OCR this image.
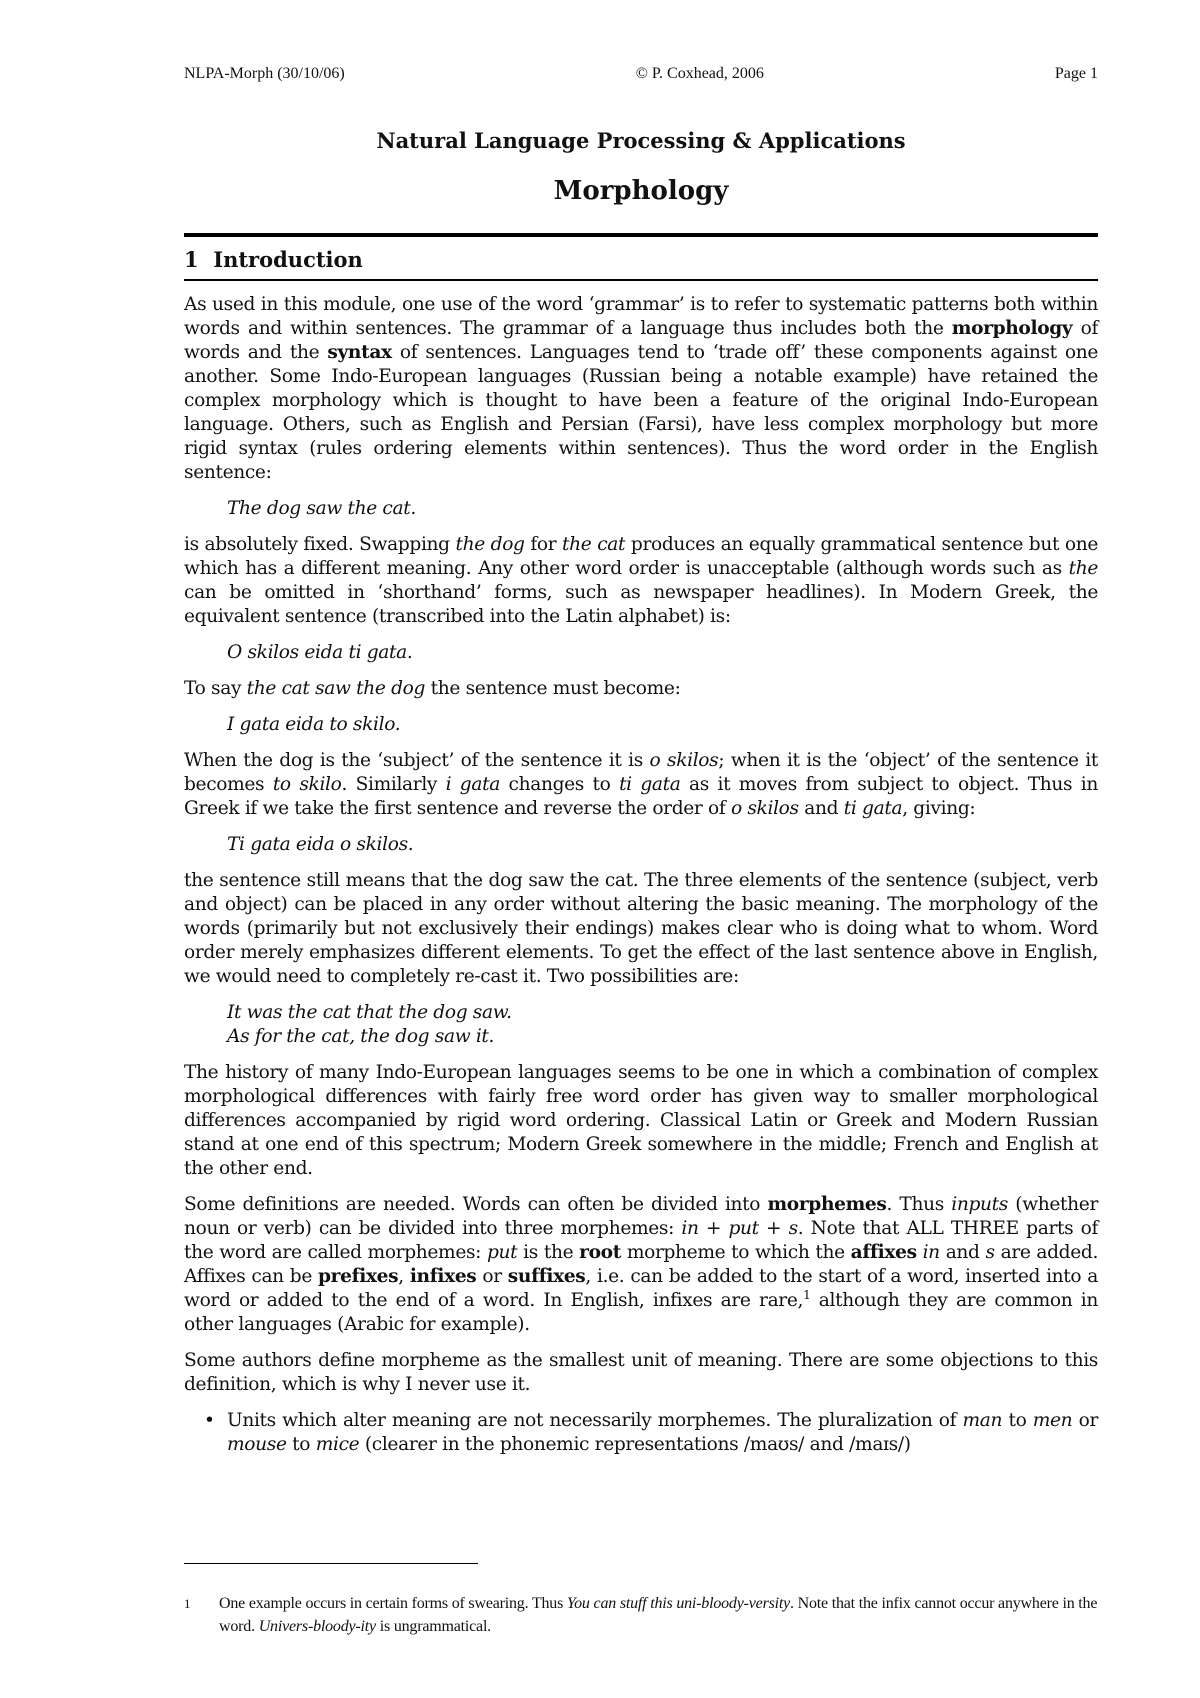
NLPA-Morph (30/10/06)	© P. Coxhead, 2006	Page 1
Natural Language Processing & Applications
Morphology
1 Introduction

As used in this module, one use of the word ‘grammar’ is to refer to systematic patterns both within words and within sentences. The grammar of a language thus includes both the morphology of words and the syntax of sentences. Languages tend to ‘trade off’ these components against one another. Some Indo-European languages (Russian being a notable example) have retained the complex morphology which is thought to have been a feature of the original Indo-European language. Others, such as English and Persian (Farsi), have less complex morphology but more rigid syntax (rules ordering elements within sentences). Thus the word order in the English sentence:

The dog saw the cat.

is absolutely fixed. Swapping the dog for the cat produces an equally grammatical sentence but one which has a different meaning. Any other word order is unacceptable (although words such as the can be omitted in ‘shorthand’ forms, such as newspaper headlines). In Modern Greek, the equivalent sentence (transcribed into the Latin alphabet) is:

O skilos eida ti gata.

To say the cat saw the dog the sentence must become:

I gata eida to skilo.

When the dog is the ‘subject’ of the sentence it is o skilos; when it is the ‘object’ of the sentence it becomes to skilo. Similarly i gata changes to ti gata as it moves from subject to object. Thus in Greek if we take the first sentence and reverse the order of o skilos and ti gata, giving:

Ti gata eida o skilos.

the sentence still means that the dog saw the cat. The three elements of the sentence (subject, verb and object) can be placed in any order without altering the basic meaning. The morphology of the words (primarily but not exclusively their endings) makes clear who is doing what to whom. Word order merely emphasizes different elements. To get the effect of the last sentence above in English, we would need to completely re-cast it. Two possibilities are:

It was the cat that the dog saw.
As for the cat, the dog saw it.

The history of many Indo-European languages seems to be one in which a combination of complex morphological differences with fairly free word order has given way to smaller morphological differences accompanied by rigid word ordering. Classical Latin or Greek and Modern Russian stand at one end of this spectrum; Modern Greek somewhere in the middle; French and English at the other end.

Some definitions are needed. Words can often be divided into morphemes. Thus inputs (whether noun or verb) can be divided into three morphemes: in + put + s. Note that ALL THREE parts of the word are called morphemes: put is the root morpheme to which the affixes in and s are added. Affixes can be prefixes, infixes or suffixes, i.e. can be added to the start of a word, inserted into a word or added to the end of a word. In English, infixes are rare,$^1$ although they are common in other languages (Arabic for example).

Some authors define morpheme as the smallest unit of meaning. There are some objections to this definition, which is why I never use it.

• Units which alter meaning are not necessarily morphemes. The pluralization of man to men or mouse to mice (clearer in the phonemic representations /maʊs/ and /maɪs/)

1	One example occurs in certain forms of swearing. Thus You can stuff this uni-bloody-versity. Note that the infix cannot occur anywhere in the word. Univers-bloody-ity is ungrammatical.
